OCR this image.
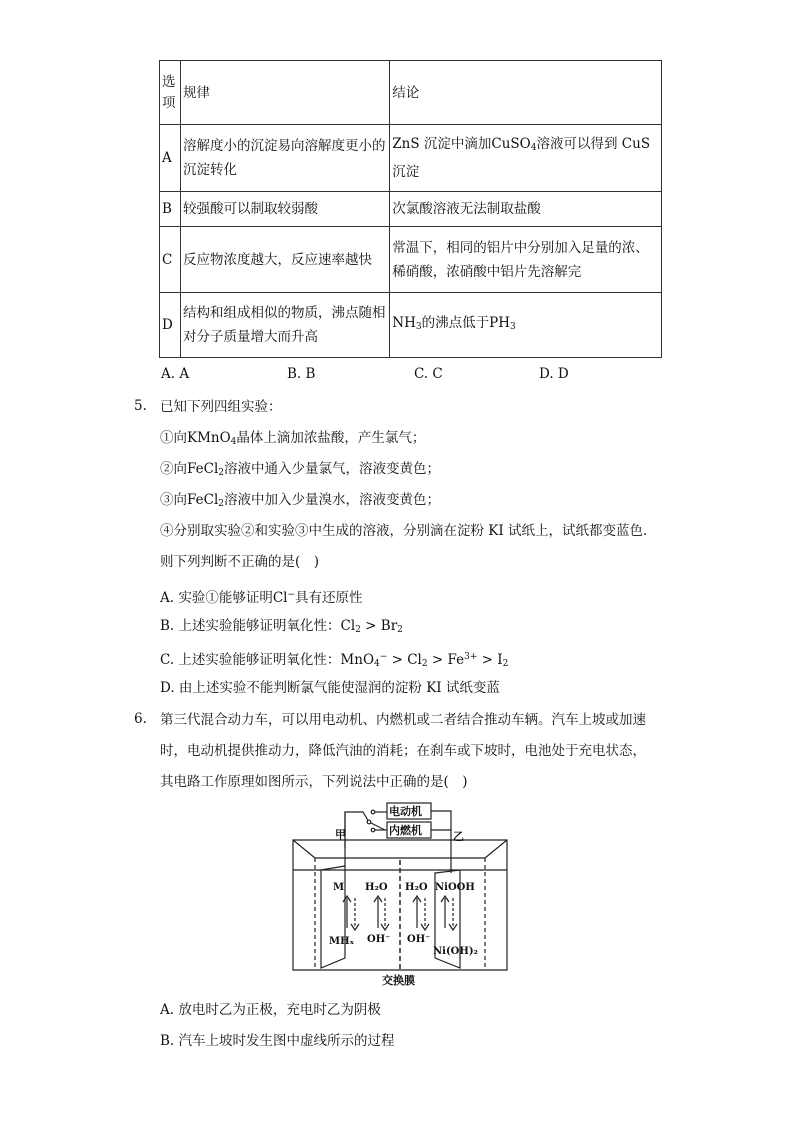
选项	规律	结论
A	溶解度小的沉淀易向溶解度更小的沉淀转化	ZnS 沉淀中滴加CuSO$_4$溶液可以得到 CuS 沉淀
B	较强酸可以制取较弱酸	次氯酸溶液无法制取盐酸
C	反应物浓度越大，反应速率越快	常温下，相同的铝片中分别加入足量的浓、稀硝酸，浓硝酸中铝片先溶解完
D	结构和组成相似的物质，沸点随相对分子质量增大而升高	$NH_3$的沸点低于$PH_3$
A. A	B. B	C. C	D. D
5. 已知下列四组实验：
①向KMnO$_4$晶体上滴加浓盐酸，产生氯气；
②向FeCl$_2$溶液中通入少量氯气，溶液变黄色；
③向FeCl$_2$溶液中加入少量溴水，溶液变黄色；
④分别取实验②和实验③中生成的溶液，分别滴在淀粉 KI 试纸上，试纸都变蓝色．
则下列判断不正确的是(　)
A. 实验①能够证明Cl−具有还原性
B. 上述实验能够证明氧化性：$Cl_2 > Br_2$
C. 上述实验能够证明氧化性：$MnO_4^- > Cl_2 > Fe^{3+} > I_2$
D. 由上述实验不能判断氯气能使湿润的淀粉 KI 试纸变蓝
6. 第三代混合动力车，可以用电动机、内燃机或二者结合推动车辆。汽车上坡或加速
时，电动机提供推动力，降低汽油的消耗；在刹车或下坡时，电池处于充电状态，
其电路工作原理如图所示，下列说法中正确的是(　)
电动机
内燃机
甲	乙
M
MHₓ
H₂O
OH⁻
H₂O
OH⁻
NiOOH
Ni(OH)₂
交换膜
A. 放电时乙为正极，充电时乙为阴极
B. 汽车上坡时发生图中虚线所示的过程
